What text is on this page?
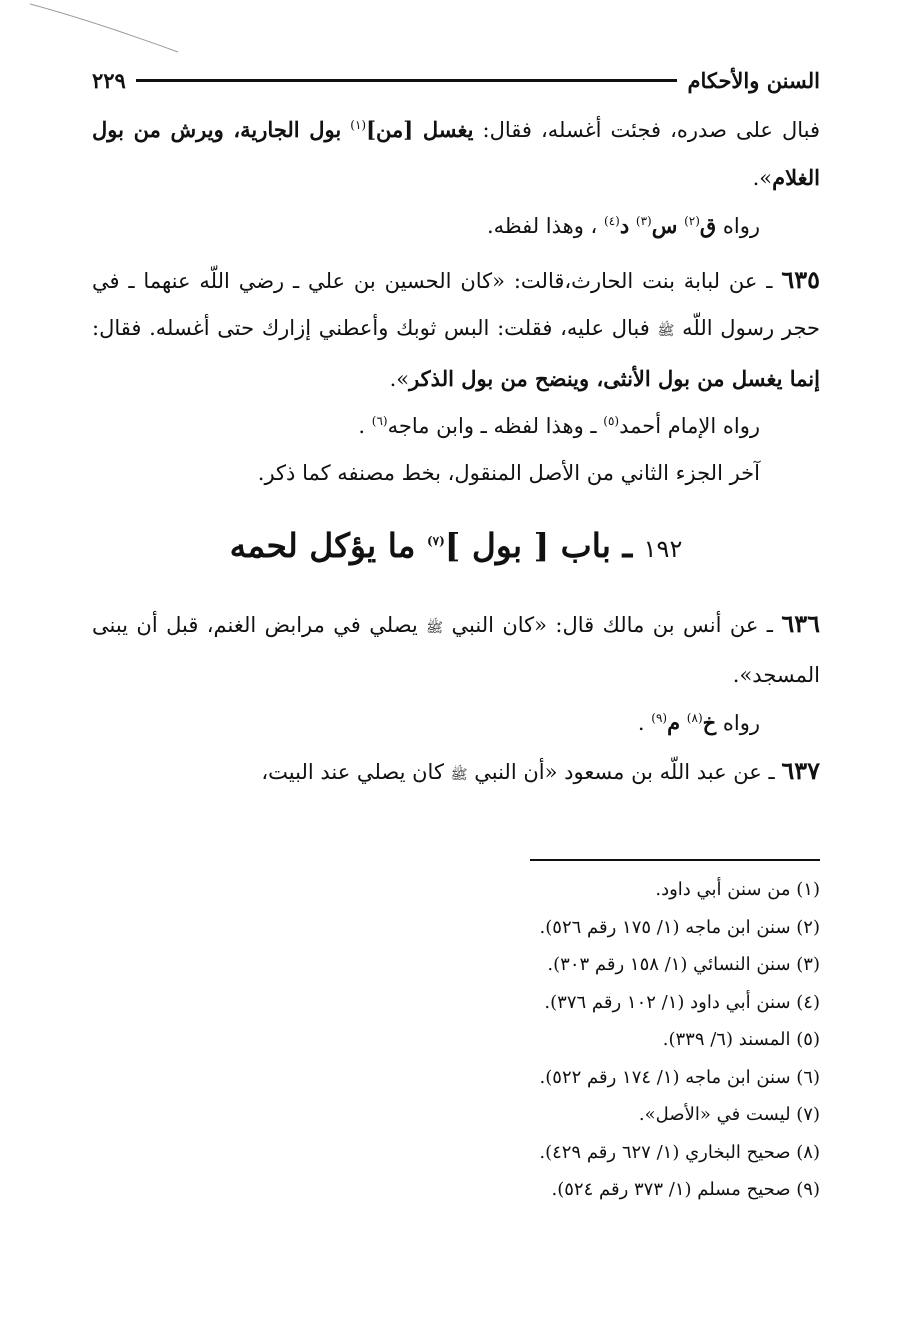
السنن والأحكام
٢٢٩

فبال على صدره، فجئت أغسله، فقال: يغسل [من]$^{(١)}$ بول الجارية، ويرش من بول الغلام».

رواه ق$^{(٢)}$ س$^{(٣)}$ د$^{(٤)}$ ، وهذا لفظه.

٦٣٥ ـ عن لبابة بنت الحارث،قالت: «كان الحسين بن علي ـ رضي اللّه عنهما ـ في حجر رسول اللّه ﷺ فبال عليه، فقلت: البس ثوبك وأعطني إزارك حتى أغسله. فقال: إنما يغسل من بول الأنثى، وينضح من بول الذكر».

رواه الإمام أحمد$^{(٥)}$ ـ وهذا لفظه ـ وابن ماجه$^{(٦)}$ .

آخر الجزء الثاني من الأصل المنقول، بخط مصنفه كما ذكر.

١٩٢ ـ باب [ بول ]$^{(٧)}$ ما يؤكل لحمه

٦٣٦ ـ عن أنس بن مالك قال: «كان النبي ﷺ يصلي في مرابض الغنم، قبل أن يبنى المسجد».

رواه خ$^{(٨)}$ م$^{(٩)}$ .

٦٣٧ ـ عن عبد اللّه بن مسعود «أن النبي ﷺ كان يصلي عند البيت،

(١) من سنن أبي داود.

(٢) سنن ابن ماجه (١/ ١٧٥ رقم ٥٢٦).

(٣) سنن النسائي (١/ ١٥٨ رقم ٣٠٣).

(٤) سنن أبي داود (١/ ١٠٢ رقم ٣٧٦).

(٥) المسند (٦/ ٣٣٩).

(٦) سنن ابن ماجه (١/ ١٧٤ رقم ٥٢٢).

(٧) ليست في «الأصل».

(٨) صحيح البخاري (١/ ٦٢٧ رقم ٤٢٩).

(٩) صحيح مسلم (١/ ٣٧٣ رقم ٥٢٤).
